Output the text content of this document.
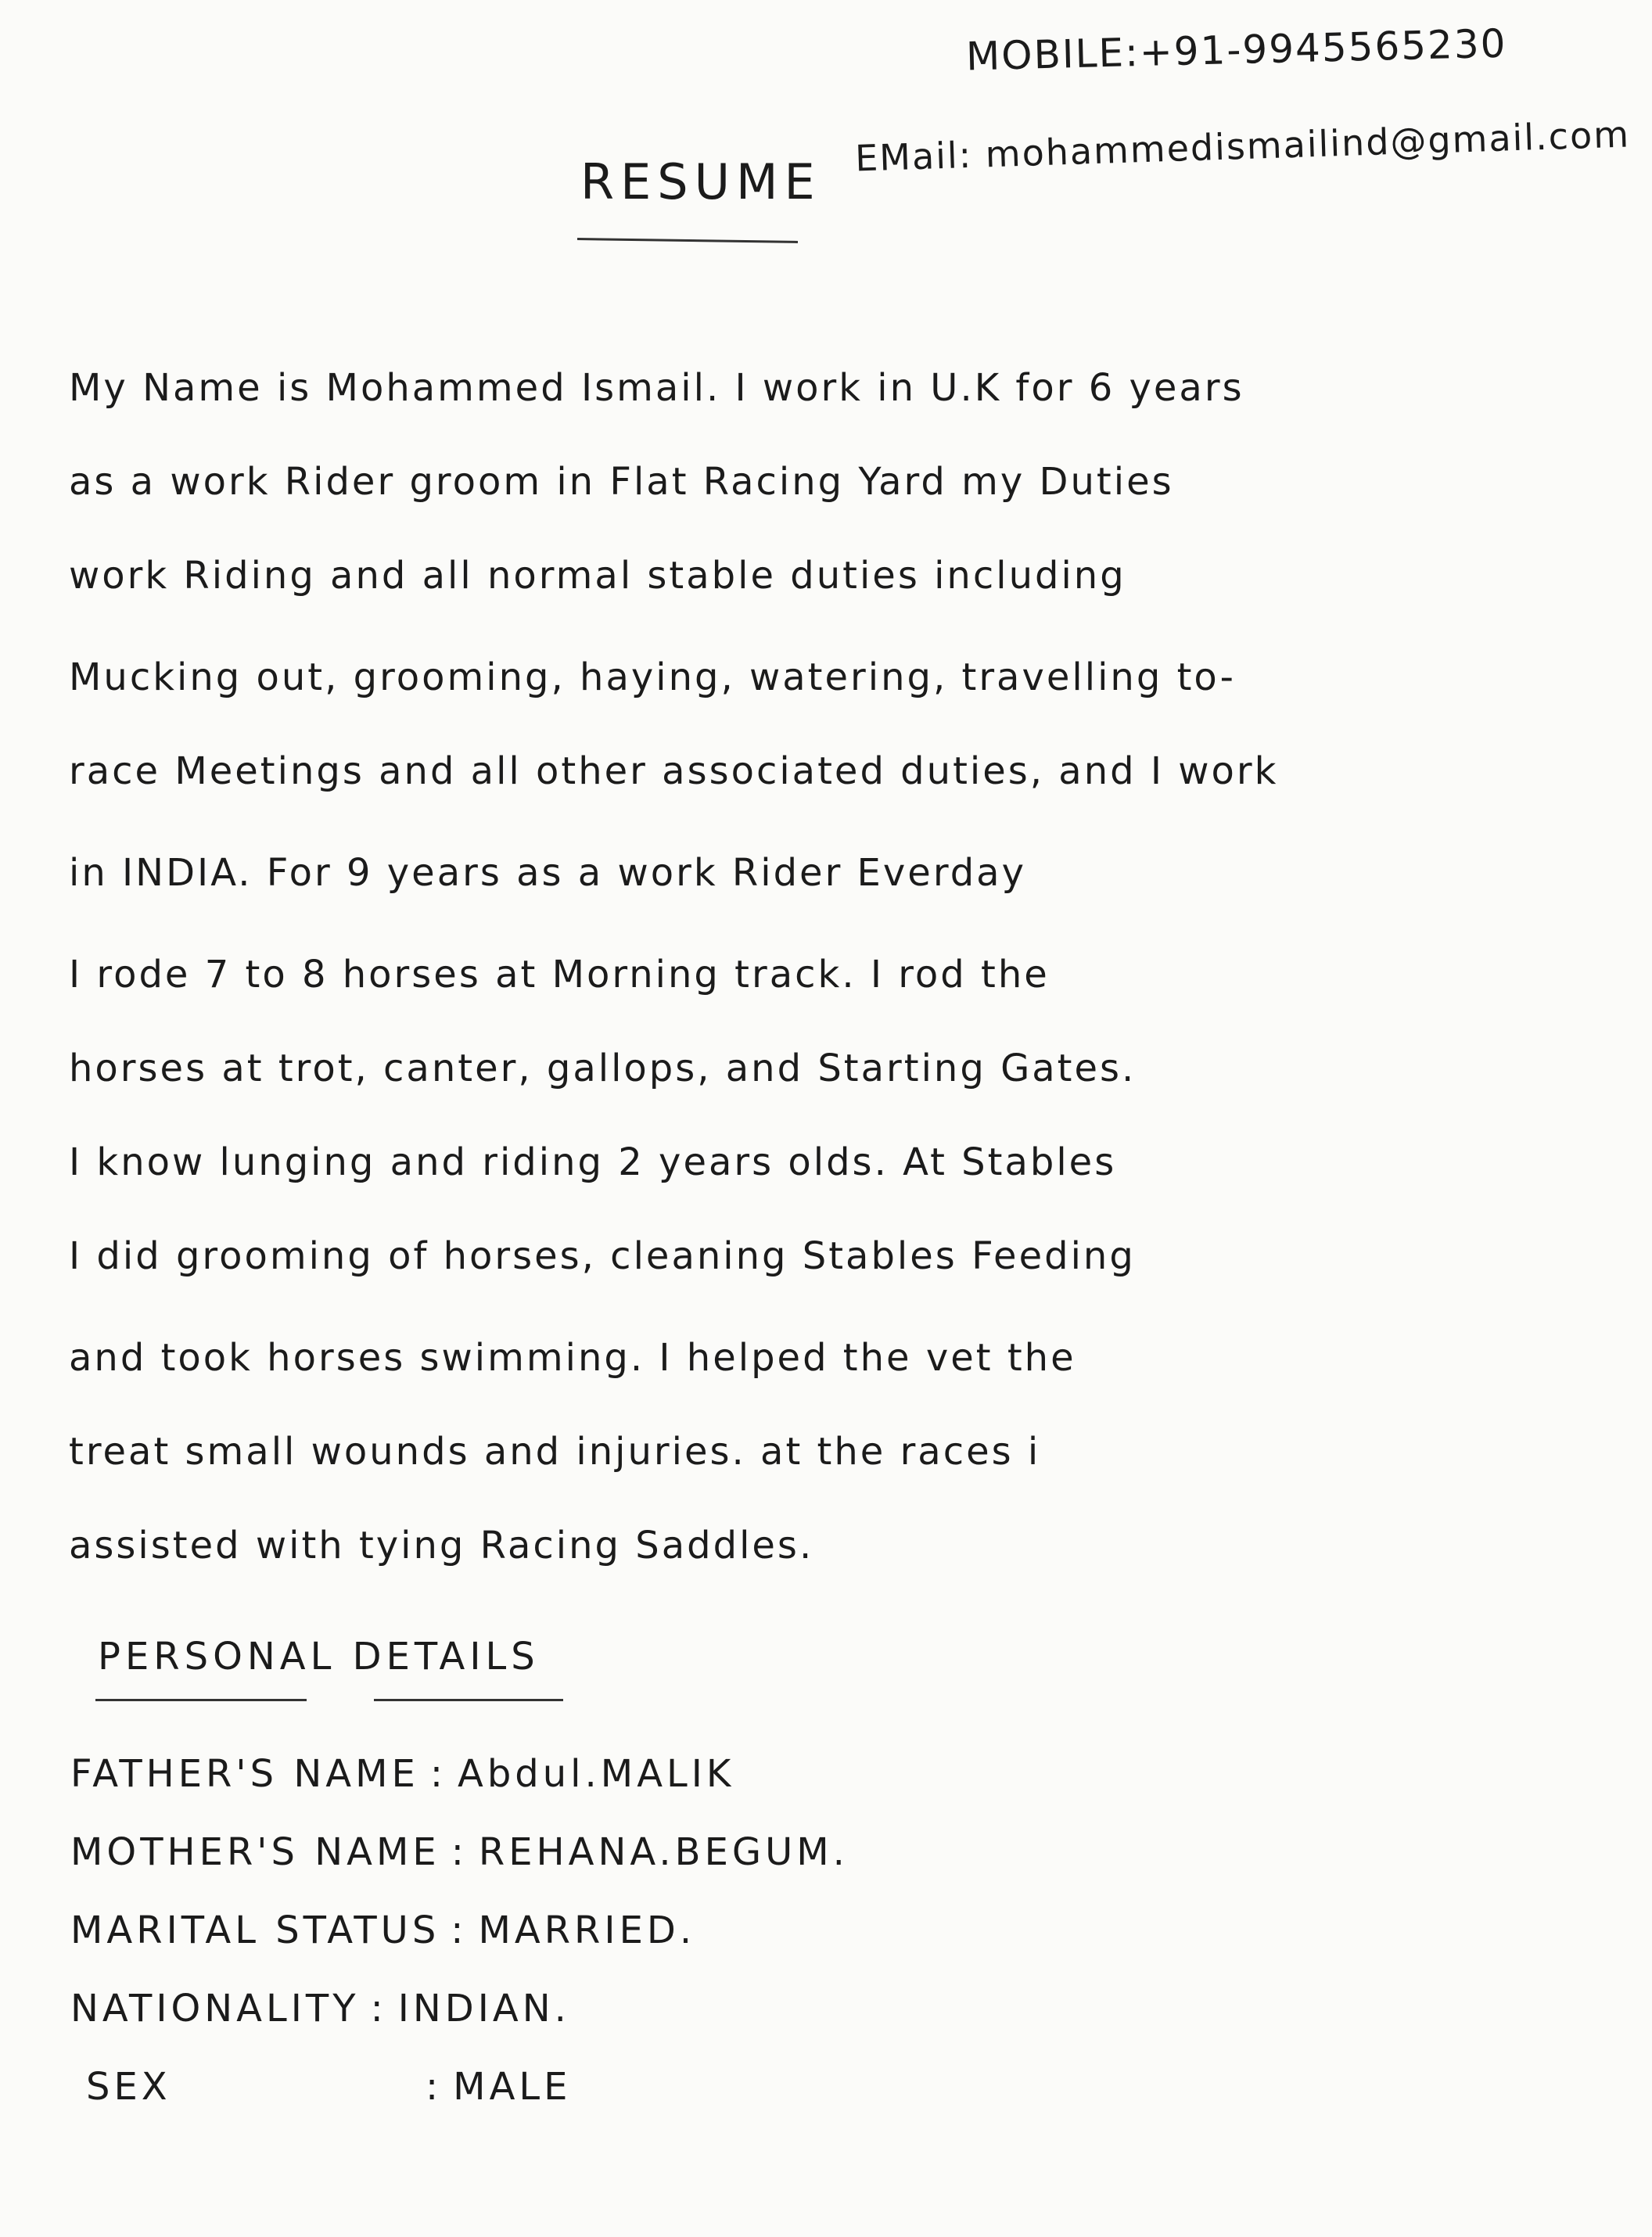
MOBILE:+91-9945565230
EMail: mohammedismailind@gmail.com
RESUME
My Name is Mohammed Ismail. I work in U.K for 6 years
as a work Rider groom in Flat Racing Yard my Duties
work Riding and all normal stable duties including
Mucking out, grooming, haying, watering, travelling to-
race Meetings and all other associated duties, and I work
in INDIA. For 9 years as a work Rider Everday
I rode 7 to 8 horses at Morning track. I rod the
horses at trot, canter, gallops, and Starting Gates.
I know lunging and riding 2 years olds. At Stables
I did grooming of horses, cleaning Stables Feeding
and took horses swimming. I helped the vet the
treat small wounds and injuries. at the races i
assisted with tying Racing Saddles.
PERSONAL DETAILS
FATHER'S NAME : Abdul.MALIK
MOTHER'S NAME : REHANA.BEGUM.
MARITAL STATUS : MARRIED.
NATIONALITY : INDIAN.
SEX	: MALE
